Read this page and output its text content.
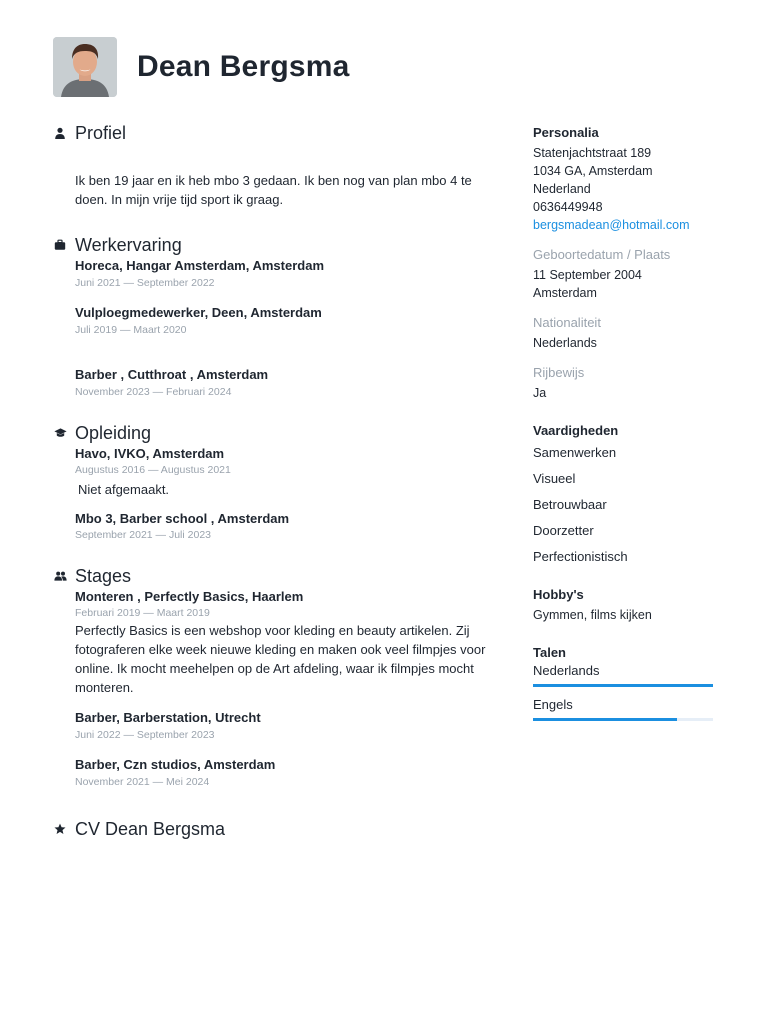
Dean Bergsma
Profiel
Ik ben 19 jaar en ik heb mbo 3 gedaan. Ik ben nog van plan mbo 4 te doen. In mijn vrije tijd sport ik graag.
Werkervaring
Horeca, Hangar Amsterdam, Amsterdam
Juni 2021 — September 2022
Vulploegmedewerker, Deen, Amsterdam
Juli 2019 — Maart 2020
Barber , Cutthroat , Amsterdam
November 2023 — Februari 2024
Opleiding
Havo, IVKO, Amsterdam
Augustus 2016 — Augustus 2021
Niet afgemaakt.
Mbo 3, Barber school , Amsterdam
September 2021 — Juli 2023
Stages
Monteren , Perfectly Basics, Haarlem
Februari 2019 — Maart 2019
Perfectly Basics is een webshop voor kleding en beauty artikelen. Zij fotograferen elke week nieuwe kleding en maken ook veel filmpjes voor online. Ik mocht meehelpen op de Art afdeling, waar ik filmpjes mocht monteren.
Barber, Barberstation, Utrecht
Juni 2022 — September 2023
Barber, Czn studios, Amsterdam
November 2021 — Mei 2024
CV Dean Bergsma
Personalia
Statenjachtstraat 189
1034 GA, Amsterdam
Nederland
0636449948
bergsmadean@hotmail.com
Geboortedatum / Plaats
11 September 2004
Amsterdam
Nationaliteit
Nederlands
Rijbewijs
Ja
Vaardigheden
Samenwerken
Visueel
Betrouwbaar
Doorzetter
Perfectionistisch
Hobby's
Gymmen, films kijken
Talen
Nederlands
Engels
